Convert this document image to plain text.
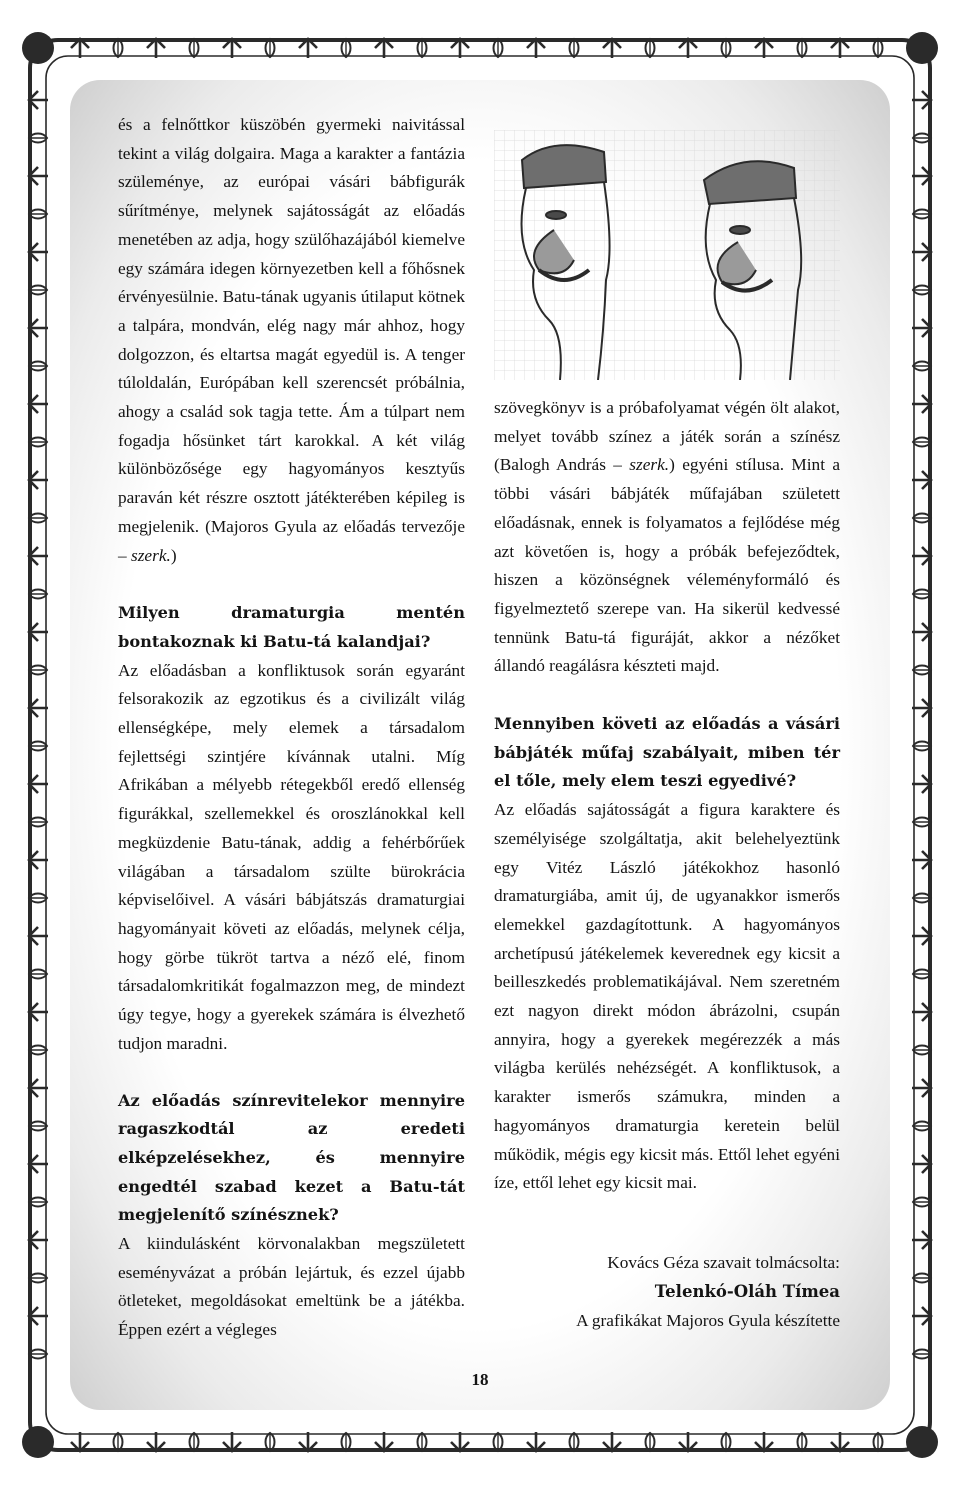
és a felnőttkor küszöbén gyermeki naivitással tekint a világ dolgaira. Maga a karakter a fantázia szüleménye, az európai vásári bábfigurák sűrítménye, melynek sajátosságát az előadás menetében az adja, hogy szülőhazájából kiemelve egy számára idegen környezetben kell a főhősnek érvényesülnie. Batu-tának ugyanis útilaput kötnek a talpára, mondván, elég nagy már ahhoz, hogy dolgozzon, és eltartsa magát egyedül is. A tenger túloldalán, Európában kell szerencsét próbálnia, ahogy a család sok tagja tette. Ám a túlpart nem fogadja hősünket tárt karokkal. A két világ különbözősége egy hagyományos kesztyűs paraván két részre osztott játékterében képileg is megjelenik. (Majoros Gyula az előadás tervezője – szerk.)

Milyen dramaturgia mentén bontakoznak ki Batu-tá kalandjai?

Az előadásban a konfliktusok során egyaránt felsorakozik az egzotikus és a civilizált világ ellenségképe, mely elemek a társadalom fejlettségi szintjére kívánnak utalni. Míg Afrikában a mélyebb rétegekből eredő ellenség figurákkal, szellemekkel és oroszlánokkal kell megküzdenie Batu-tának, addig a fehérbőrűek világában a társadalom szülte bürokrácia képviselőivel. A vásári bábjátszás dramaturgiai hagyományait követi az előadás, melynek célja, hogy görbe tükröt tartva a néző elé, finom társadalomkritikát fogalmazzon meg, de mindezt úgy tegye, hogy a gyerekek számára is élvezhető tudjon maradni.

Az előadás színrevitelekor mennyire ragaszkodtál az eredeti elképzelésekhez, és mennyire engedtél szabad kezet a Batu-tát megjelenítő színésznek?

A kiindulásként körvonalakban megszületett eseményvázat a próbán lejártuk, és ezzel újabb ötleteket, megoldásokat emeltünk be a játékba. Éppen ezért a végleges

szövegkönyv is a próbafolyamat végén ölt alakot, melyet tovább színez a játék során a színész (Balogh András – szerk.) egyéni stílusa. Mint a többi vásári bábjáték műfajában született előadásnak, ennek is folyamatos a fejlődése még azt követően is, hogy a próbák befejeződtek, hiszen a közönségnek véleményformáló és figyelmeztető szerepe van. Ha sikerül kedvessé tennünk Batu-tá figuráját, akkor a nézőket állandó reagálásra készteti majd.

Mennyiben követi az előadás a vásári bábjáték műfaj szabályait, miben tér el tőle, mely elem teszi egyedivé?

Az előadás sajátosságát a figura karaktere és személyisége szolgáltatja, akit belehelyeztünk egy Vitéz László játékokhoz hasonló dramaturgiába, amit új, de ugyanakkor ismerős elemekkel gazdagítottunk. A hagyományos archetípusú játékelemek keverednek egy kicsit a beilleszkedés problematikájával. Nem szeretném ezt nagyon direkt módon ábrázolni, csupán annyira, hogy a gyerekek megérezzék a más világba kerülés nehézségét. A konfliktusok, a karakter ismerős számukra, minden a hagyományos dramaturgia keretein belül működik, mégis egy kicsit más. Ettől lehet egyéni íze, ettől lehet egy kicsit mai.

Kovács Géza szavait tolmácsolta:
Telenkó-Oláh Tímea
A grafikákat Majoros Gyula készítette
18
